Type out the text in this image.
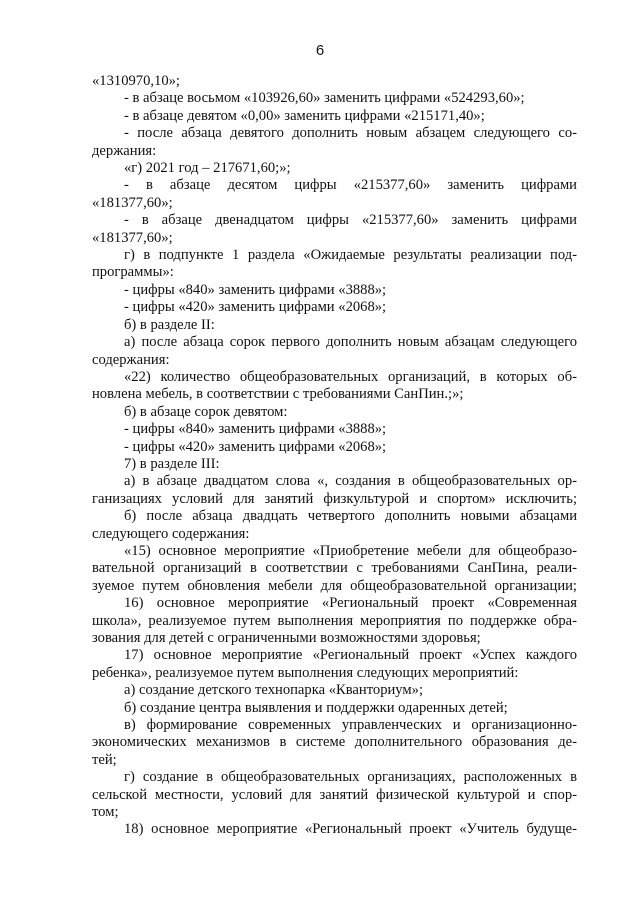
6
«1310970,10»;
- в абзаце восьмом «103926,60» заменить цифрами «524293,60»;
- в абзаце девятом «0,00» заменить цифрами «215171,40»;
- после абзаца девятого дополнить новым абзацем следующего со-
держания:
«г) 2021 год – 217671,60;»;
- в абзаце десятом цифры «215377,60» заменить цифрами
«181377,60»;
- в абзаце двенадцатом цифры «215377,60» заменить цифрами
«181377,60»;
г) в подпункте 1 раздела «Ожидаемые результаты реализации под-
программы»:
- цифры «840» заменить цифрами «3888»;
- цифры «420» заменить цифрами «2068»;
б) в разделе II:
а) после абзаца сорок первого дополнить новым абзацам следующего
содержания:
«22) количество общеобразовательных организаций, в которых об-
новлена мебель, в соответствии с требованиями СанПин.;»;
б) в абзаце сорок девятом:
- цифры «840» заменить цифрами «3888»;
- цифры «420» заменить цифрами «2068»;
7) в разделе III:
а) в абзаце двадцатом слова «, создания в общеобразовательных ор-
ганизациях условий для занятий физкультурой и спортом» исключить;
б) после абзаца двадцать четвертого дополнить новыми абзацами
следующего содержания:
«15) основное мероприятие «Приобретение мебели для общеобразо-
вательной организаций в соответствии с требованиями СанПина, реали-
зуемое путем обновления мебели для общеобразовательной организации;
16) основное мероприятие «Региональный проект «Современная
школа», реализуемое путем выполнения мероприятия по поддержке обра-
зования для детей с ограниченными возможностями здоровья;
17) основное мероприятие «Региональный проект «Успех каждого
ребенка», реализуемое путем выполнения следующих мероприятий:
а) создание детского технопарка «Кванториум»;
б) создание центра выявления и поддержки одаренных детей;
в) формирование современных управленческих и организационно-
экономических механизмов в системе дополнительного образования де-
тей;
г) создание в общеобразовательных организациях, расположенных в
сельской местности, условий для занятий физической культурой и спор-
том;
18) основное мероприятие «Региональный проект «Учитель будуще-
